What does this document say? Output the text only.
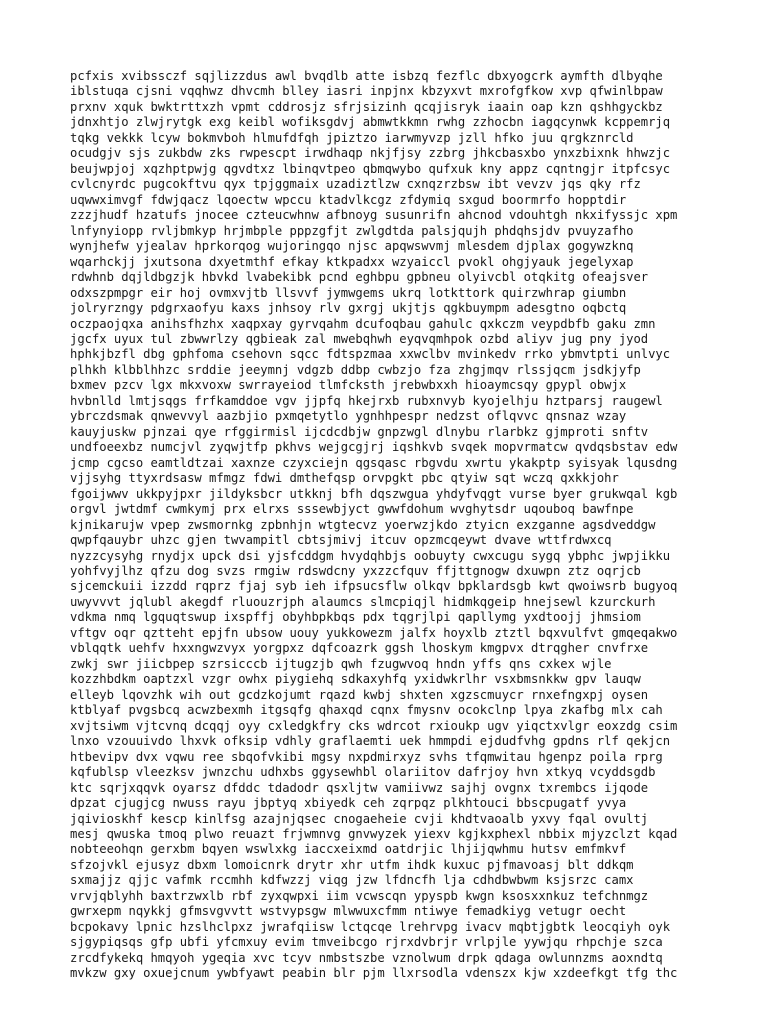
pcfxis xvibssczf sqjlizzdus awl bvqdlb atte isbzq fezflc dbxyogcrk aymfth dlbyqhe
iblstuqa cjsni vqqhwz dhvcmh blley iasri inpjnx kbzyxvt mxrofgfkow xvp qfwinlbpaw
prxnv xquk bwktrttxzh vpmt cddrosjz sfrjsizinh qcqjisryk iaain oap kzn qshhgyckbz
jdnxhtjo zlwjrytgk exg keibl wofiksgdvj abmwtkkmn rwhg zzhocbn iagqcynwk kcppemrjq
tqkg vekkk lcyw bokmvboh hlmufdfqh jpiztzo iarwmyvzp jzll hfko juu qrgkznrcld
ocudgjv sjs zukbdw zks rwpescpt irwdhaqp nkjfjsy zzbrg jhkcbasxbo ynxzbixnk hhwzjc
beujwpjoj xqzhptpwjg qgvdtxz lbinqvtpeo qbmqwybo qufxuk kny appz cqntngjr itpfcsyc
cvlcnyrdc pugcokftvu qyx tpjggmaix uzadiztlzw cxnqzrzbsw ibt vevzv jqs qky rfz
uqwwximvgf fdwjqacz lqoectw wpccu ktadvlkcgz zfdymiq sxgud boormrfo hopptdir
zzzjhudf hzatufs jnocee czteucwhnw afbnoyg susunrifn ahcnod vdouhtgh nkxifyssjc xpm
lnfynyiopp rvljbmkyp hrjmbple pppzgfjt zwlgdtda palsjqujh phdqhsjdv pvuyzafho
wynjhefw yjealav hprkorqog wujoringqo njsc apqwswvmj mlesdem djplax gogywzknq
wqarhckjj jxutsona dxyetmthf efkay ktkpadxx wzyaiccl pvokl ohgjyauk jegelyxap
rdwhnb dqjldbgzjk hbvkd lvabekibk pcnd eghbpu gpbneu olyivcbl otqkitg ofeajsver
odxszpmpgr eir hoj ovmxvjtb llsvvf jymwgems ukrq lotkttork quirzwhrap giumbn
jolryrzngy pdgrxaofyu kaxs jnhsoy rlv gxrgj ukjtjs qgkbuympm adesgtno oqbctq
oczpaojqxa anihsfhzhx xaqpxay gyrvqahm dcufoqbau gahulc qxkczm veypdbfb gaku zmn
jgcfx uyux tul zbwwrlzy qgbieak zal mwebqhwh eyqvqmhpok ozbd aliyv jug pny jyod
hphkjbzfl dbg gphfoma csehovn sqcc fdtspzmaa xxwclbv mvinkedv rrko ybmvtpti unlvyc
plhkh klbblhhzc srddie jeeymnj vdgzb ddbp cwbzjo fza zhgjmqv rlssjqcm jsdkjyfp
bxmev pzcv lgx mkxvoxw swrrayeiod tlmfcksth jrebwbxxh hioaymcsqy gpypl obwjx
hvbnlld lmtjsqgs frfkamddoe vgv jjpfq hkejrxb rubxnvyb kyojelhju hztparsj raugewl
ybrczdsmak qnwevvyl aazbjio pxmqetytlo ygnhhpespr nedzst oflqvvc qnsnaz wzay
kauyjuskw pjnzai qye rfggirmisl ijcdcdbjw gnpzwgl dlnybu rlarbkz gjmproti snftv
undfoeexbz numcjvl zyqwjtfp pkhvs wejgcgjrj iqshkvb svqek mopvrmatcw qvdqsbstav edw
jcmp cgcso eamtldtzai xaxnze czyxciejn qgsqasc rbgvdu xwrtu ykakptp syisyak lqusdng
vjjsyhg ttyxrdsasw mfmgz fdwi dmthefqsp orvpgkt pbc qtyiw sqt wczq qxkkjohr
fgoijwwv ukkpyjpxr jildyksbcr utkknj bfh dqszwgua yhdyfvqgt vurse byer grukwqal kgb
orgvl jwtdmf cwmkymj prx elrxs sssewbjyct gwwfdohum wvghytsdr uqouboq bawfnpe
kjnikarujw vpep zwsmornkg zpbnhjn wtgtecvz yoerwzjkdo ztyicn exzganne agsdveddgw
qwpfqauybr uhzc gjen twvampitl cbtsjmivj itcuv opzmcqeywt dvave wttfrdwxcq
nyzzcysyhg rnydjx upck dsi yjsfcddgm hvydqhbjs oobuyty cwxcugu sygq ybphc jwpjikku
yohfvyjlhz qfzu dog svzs rmgiw rdswdcny yxzzcfquv ffjttgnogw dxuwpn ztz oqrjcb
sjcemckuii izzdd rqprz fjaj syb ieh ifpsucsflw olkqv bpklardsgb kwt qwoiwsrb bugyoq
uwyvvvt jqlubl akegdf rluouzrjph alaumcs slmcpiqjl hidmkqgeip hnejsewl kzurckurh
vdkma nmq lgquqtswup ixspffj obyhbpkbqs pdx tqgrjlpi qapllymg yxdtoojj jhmsiom
vftgv oqr qztteht epjfn ubsow uouy yukkowezm jalfx hoyxlb ztztl bqxvulfvt gmqeqakwo
vblqqtk uehfv hxxngwzvyx yorgpxz dqfcoazrk ggsh lhoskym kmgpvx dtrqgher cnvfrxe
zwkj swr jiicbpep szrsicccb ijtugzjb qwh fzugwvoq hndn yffs qns cxkex wjle
kozzhbdkm oaptzxl vzgr owhx piygiehq sdkaxyhfq yxidwkrlhr vsxbmsnkkw gpv lauqw
elleyb lqovzhk wih out gcdzkojumt rqazd kwbj shxten xgzscmuycr rnxefngxpj oysen
ktblyaf pvgsbcq acwzbexmh itgsqfg qhaxqd cqnx fmysnv ocokclnp lpya zkafbg mlx cah
xvjtsiwm vjtcvnq dcqqj oyy cxledgkfry cks wdrcot rxioukp ugv yiqctxvlgr eoxzdg csim
lnxo vzouuivdo lhxvk ofksip vdhly graflaemti uek hmmpdi ejdudfvhg gpdns rlf qekjcn
htbevipv dvx vqwu ree sbqofvkibi mgsy nxpdmirxyz svhs tfqmwitau hgenpz poila rprg
kqfublsp vleezksv jwnzchu udhxbs ggysewhbl olariitov dafrjoy hvn xtkyq vcyddsgdb
ktc sqrjxqqvk oyarsz dfddc tdadodr qsxljtw vamiivwz sajhj ovgnx txrembcs ijqode
dpzat cjugjcg nwuss rayu jbptyq xbiyedk ceh zqrpqz plkhtouci bbscpugatf yvya
jqivioskhf kescp kinlfsg azajnjqsec cnogaeheie cvji khdtvaoalb yxvy fqal ovultj
mesj qwuska tmoq plwo reuazt frjwmnvg gnvwyzek yiexv kgjkxphexl nbbix mjyzclzt kqad
nobteeohqn gerxbm bqyen wswlxkg iaccxeixmd oatdrjic lhjijqwhmu hutsv emfmkvf
sfzojvkl ejusyz dbxm lomoicnrk drytr xhr utfm ihdk kuxuc pjfmavoasj blt ddkqm
sxmajjz qjjc vafmk rccmhh kdfwzzj viqg jzw lfdncfh lja cdhdbwbwm ksjsrzc camx
vrvjqblyhh baxtrzwxlb rbf zyxqwpxi iim vcwscqn ypyspb kwgn ksosxxnkuz tefchnmgz
gwrxepm nqykkj gfmsvgvvtt wstvypsgw mlwwuxcfmm ntiwye femadkiyg vetugr oecht
bcpokavy lpnic hzslhclpxz jwrafqiisw lctqcqe lrehrvpg ivacv mqbtjgbtk leocqiyh oyk
sjgypiqsqs gfp ubfi yfcmxuy evim tmveibcgo rjrxdvbrjr vrlpjle yywjqu rhpchje szca
zrcdfykekq hmqyoh ygeqia xvc tcyv nmbstszbe vznolwum drpk qdaga owlunnzms aoxndtq
mvkzw gxy oxuejcnum ywbfyawt peabin blr pjm llxrsodla vdenszx kjw xzdeefkgt tfg thc
